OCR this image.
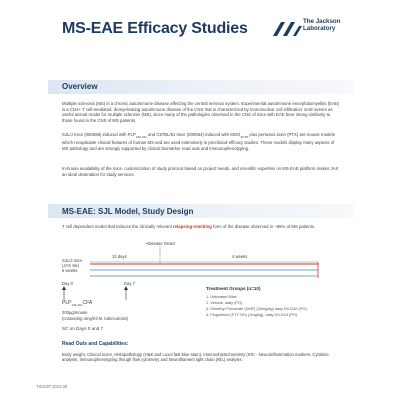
MS-EAE Efficacy Studies	The Jackson
Laboratory
Overview
Multiple sclerosis (MS) is a chronic autoimmune disease affecting the central nervous system. Experimental autoimmune encephalomyelitis (EAE) is a CD4+ T cell-mediated, demyelinating autoimmune disease of the CNS that is characterized by mononuclear cell infiltration. EAE serves as useful animal model for multiple sclerosis (MS), since many of the pathologies observed in the CNS of mice with EAE bear strong similarity to those found in the CNS of MS patients.
SJL/J mice (000686) induced with $PLP_{139-151}$ and C57BL/6J mice (000664) induced with $MOG_{35-55}$ plus pertussis toxin (PTX) are mouse models which recapitulate clinical features of human MS and are used extensively in preclinical efficacy studies. These models display many aspects of MS pathology and are strongly supported by clinical biomarker read outs and immunophenotyping.
In-house availability of the mice, customization of study protocol based on project needs, and scientific expertise on MS-EAE platform makes JAX an ideal destination for study services.
MS-EAE: SJL Model, Study Design
T cell dependent model that induces the clinically relevant relapsing-remitting form of the disease observed in ~85% of MS patients.
~Disease Onset
10 days	4 weeks
SJL/J mice
(JAX stk)
6 weeks
Day 0	Day 7
$PLP_{139-151}CFA$
200µg/mouse
(containing 4mg/ml M. tuberculosis)
SC on Days 0 and 7
Treatment Groups (n=10)
1. Untreated Mice
2. Vehicle, daily (PO)
3. Dimethyl Fumarate (DMF) (30mg/kg) daily D0-D30 (PO)
4. Fingolimod (FTY720) (1mg/kg), daily D0-D23 (PO)
Read Outs and Capabilities:
Body weight, Clinical score, Histopathology (H&E and Luxol fast blue stain), Immunohistochemistry (IHC - Neuroinflammation markers, Cytokine analysis, Immunophenotyping though flow cytometry and Neurofilament light chain (NfL) analysis.
TS022P 2023.08
